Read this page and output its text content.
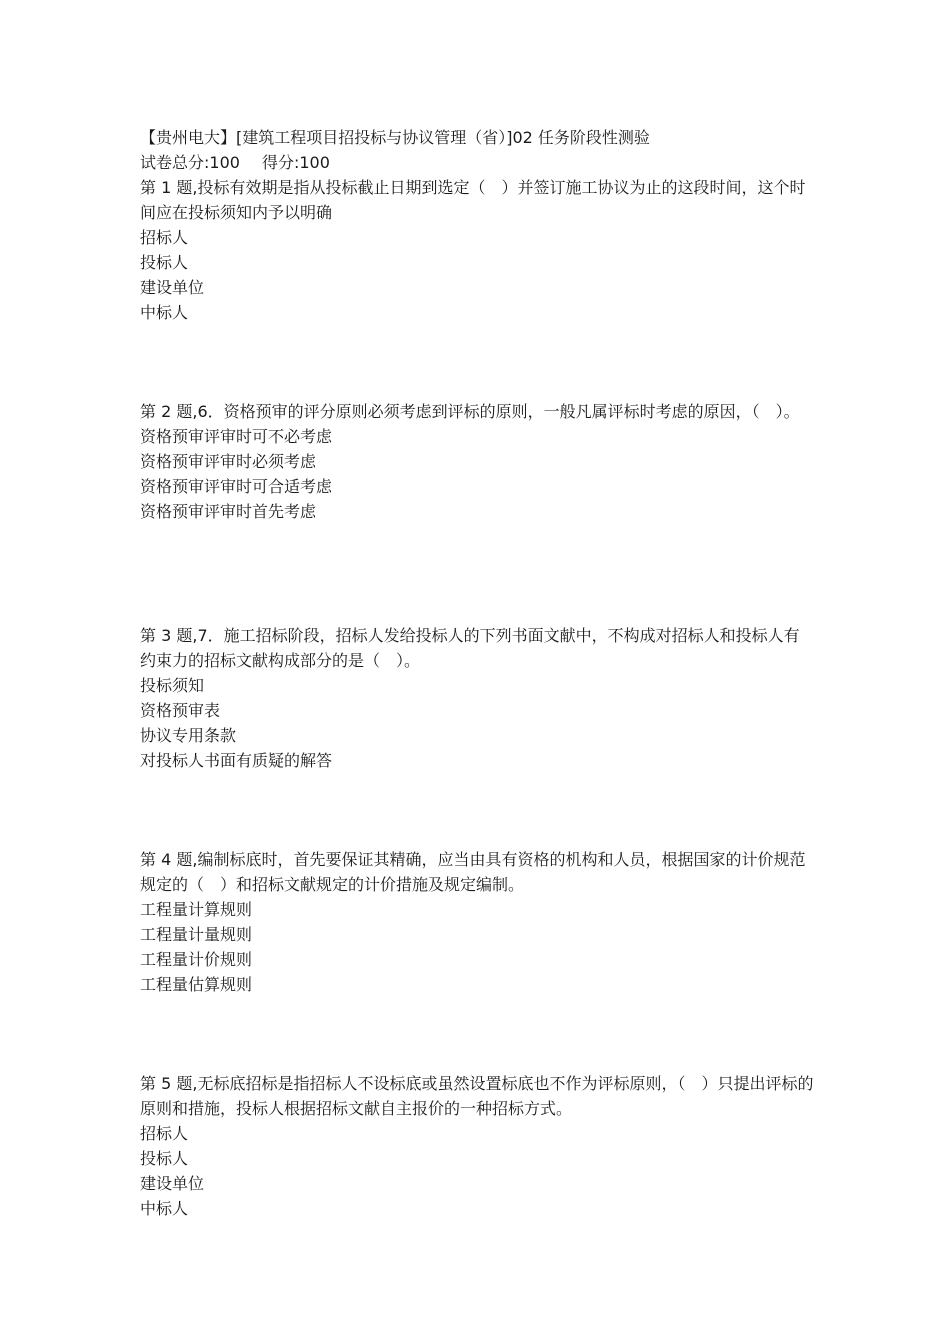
【贵州电大】[建筑工程项目招投标与协议管理（省）]02 任务阶段性测验
试卷总分:100 得分:100
第 1 题,投标有效期是指从投标截止日期到选定（　）并签订施工协议为止的这段时间，这个时间应在投标须知内予以明确
招标人
投标人
建设单位
中标人
第 2 题,6．资格预审的评分原则必须考虑到评标的原则，一般凡属评标时考虑的原因，（　）。
资格预审评审时可不必考虑
资格预审评审时必须考虑
资格预审评审时可合适考虑
资格预审评审时首先考虑
第 3 题,7．施工招标阶段，招标人发给投标人的下列书面文献中，不构成对招标人和投标人有约束力的招标文献构成部分的是（　）。
投标须知
资格预审表
协议专用条款
对投标人书面有质疑的解答
第 4 题,编制标底时，首先要保证其精确，应当由具有资格的机构和人员，根据国家的计价规范规定的（　）和招标文献规定的计价措施及规定编制。
工程量计算规则
工程量计量规则
工程量计价规则
工程量估算规则
第 5 题,无标底招标是指招标人不设标底或虽然设置标底也不作为评标原则，（　）只提出评标的原则和措施，投标人根据招标文献自主报价的一种招标方式。
招标人
投标人
建设单位
中标人
